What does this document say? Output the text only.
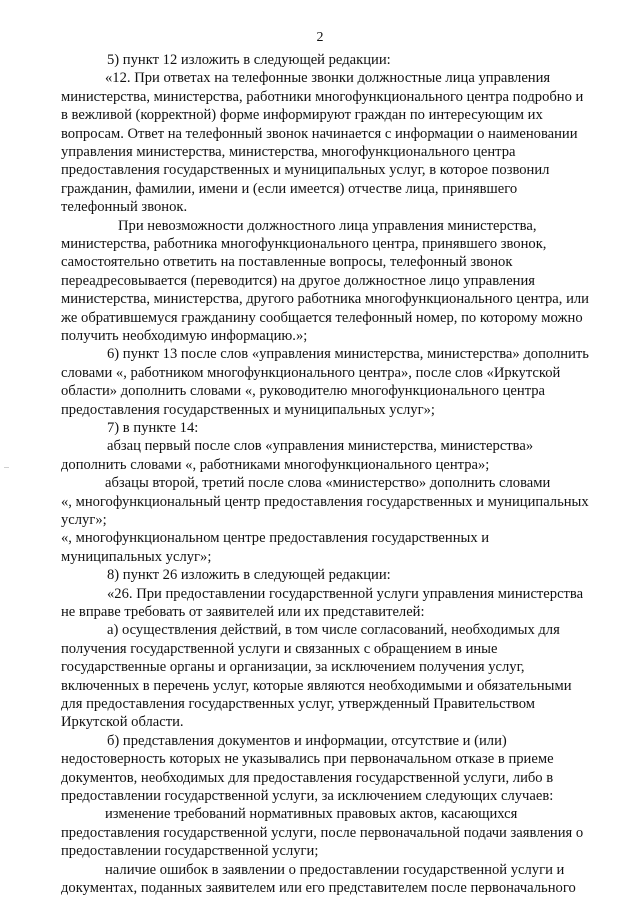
2
5) пункт 12 изложить в следующей редакции:
«12. При ответах на телефонные звонки должностные лица управления
министерства, министерства, работники многофункционального центра подробно и
в вежливой (корректной) форме информируют граждан по интересующим их
вопросам. Ответ на телефонный звонок начинается с информации о наименовании
управления министерства, министерства, многофункционального центра
предоставления государственных и муниципальных услуг, в которое позвонил
гражданин, фамилии, имени и (если имеется) отчестве лица, принявшего
телефонный звонок.
При невозможности должностного лица управления министерства,
министерства, работника многофункционального центра, принявшего звонок,
самостоятельно ответить на поставленные вопросы, телефонный звонок
переадресовывается (переводится) на другое должностное лицо управления
министерства, министерства, другого работника многофункционального центра, или
же обратившемуся гражданину сообщается телефонный номер, по которому можно
получить необходимую информацию.»;
6) пункт 13 после слов «управления министерства, министерства» дополнить
словами «, работником многофункционального центра», после слов «Иркутской
области» дополнить словами «, руководителю многофункционального центра
предоставления государственных и муниципальных услуг»;
7) в пункте 14:
абзац первый после слов «управления министерства, министерства»
дополнить словами «, работниками многофункционального центра»;
абзацы второй, третий после слова «министерство» дополнить словами
«, многофункциональный центр предоставления государственных и муниципальных
услуг»;
«, многофункциональном центре предоставления государственных и
муниципальных услуг»;
8) пункт 26 изложить в следующей редакции:
«26. При предоставлении государственной услуги управления министерства
не вправе требовать от заявителей или их представителей:
а) осуществления действий, в том числе согласований, необходимых для
получения государственной услуги и связанных с обращением в иные
государственные органы и организации, за исключением получения услуг,
включенных в перечень услуг, которые являются необходимыми и обязательными
для предоставления государственных услуг, утвержденный Правительством
Иркутской области.
б) представления документов и информации, отсутствие и (или)
недостоверность которых не указывались при первоначальном отказе в приеме
документов, необходимых для предоставления государственной услуги, либо в
предоставлении государственной услуги, за исключением следующих случаев:
изменение требований нормативных правовых актов, касающихся
предоставления государственной услуги, после первоначальной подачи заявления о
предоставлении государственной услуги;
наличие ошибок в заявлении о предоставлении государственной услуги и
документах, поданных заявителем или его представителем после первоначального
